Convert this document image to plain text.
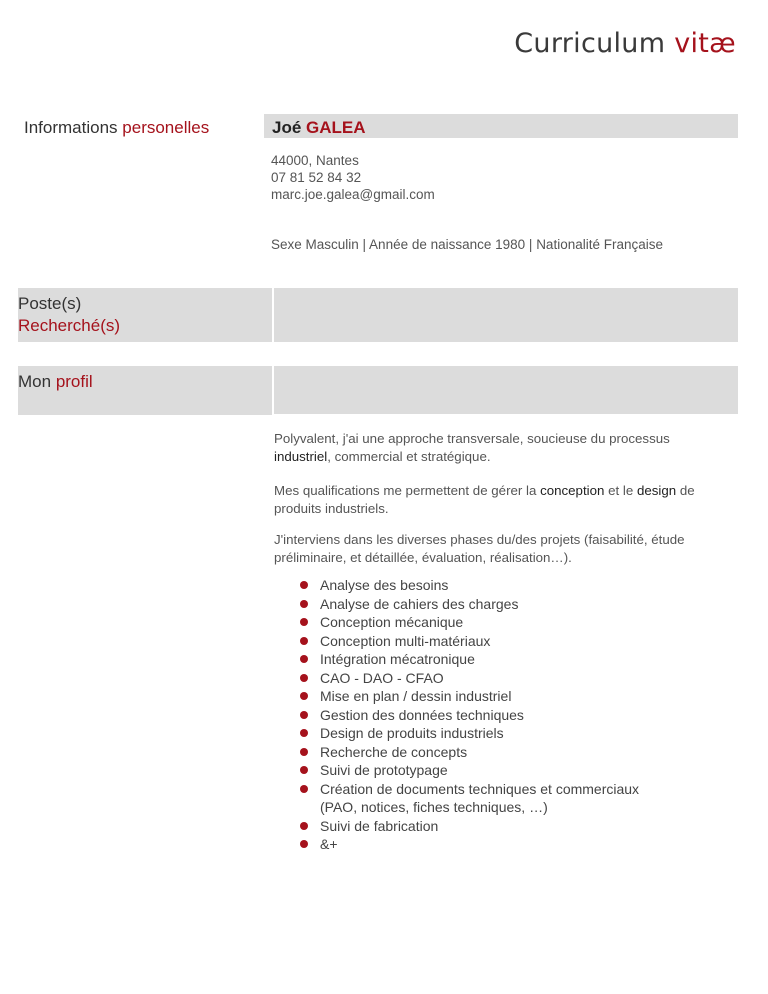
Curriculum vitæ
Informations personelles	Joé GALEA
44000, Nantes
07 81 52 84 32
marc.joe.galea@gmail.com
Sexe Masculin | Année de naissance 1980 | Nationalité Française
Poste(s)
Recherché(s)
Mon profil
Polyvalent, j'ai une approche transversale, soucieuse du processus industriel, commercial et stratégique.
Mes qualifications me permettent de gérer la conception et le design de produits industriels.
J'interviens dans les diverses phases du/des projets (faisabilité, étude préliminaire, et détaillée, évaluation, réalisation…).
Analyse des besoins
Analyse de cahiers des charges
Conception mécanique
Conception multi-matériaux
Intégration mécatronique
CAO - DAO - CFAO
Mise en plan / dessin industriel
Gestion des données techniques
Design de produits industriels
Recherche de concepts
Suivi de prototypage
Création de documents techniques et commerciaux
(PAO, notices, fiches techniques, …)
Suivi de fabrication
&+
